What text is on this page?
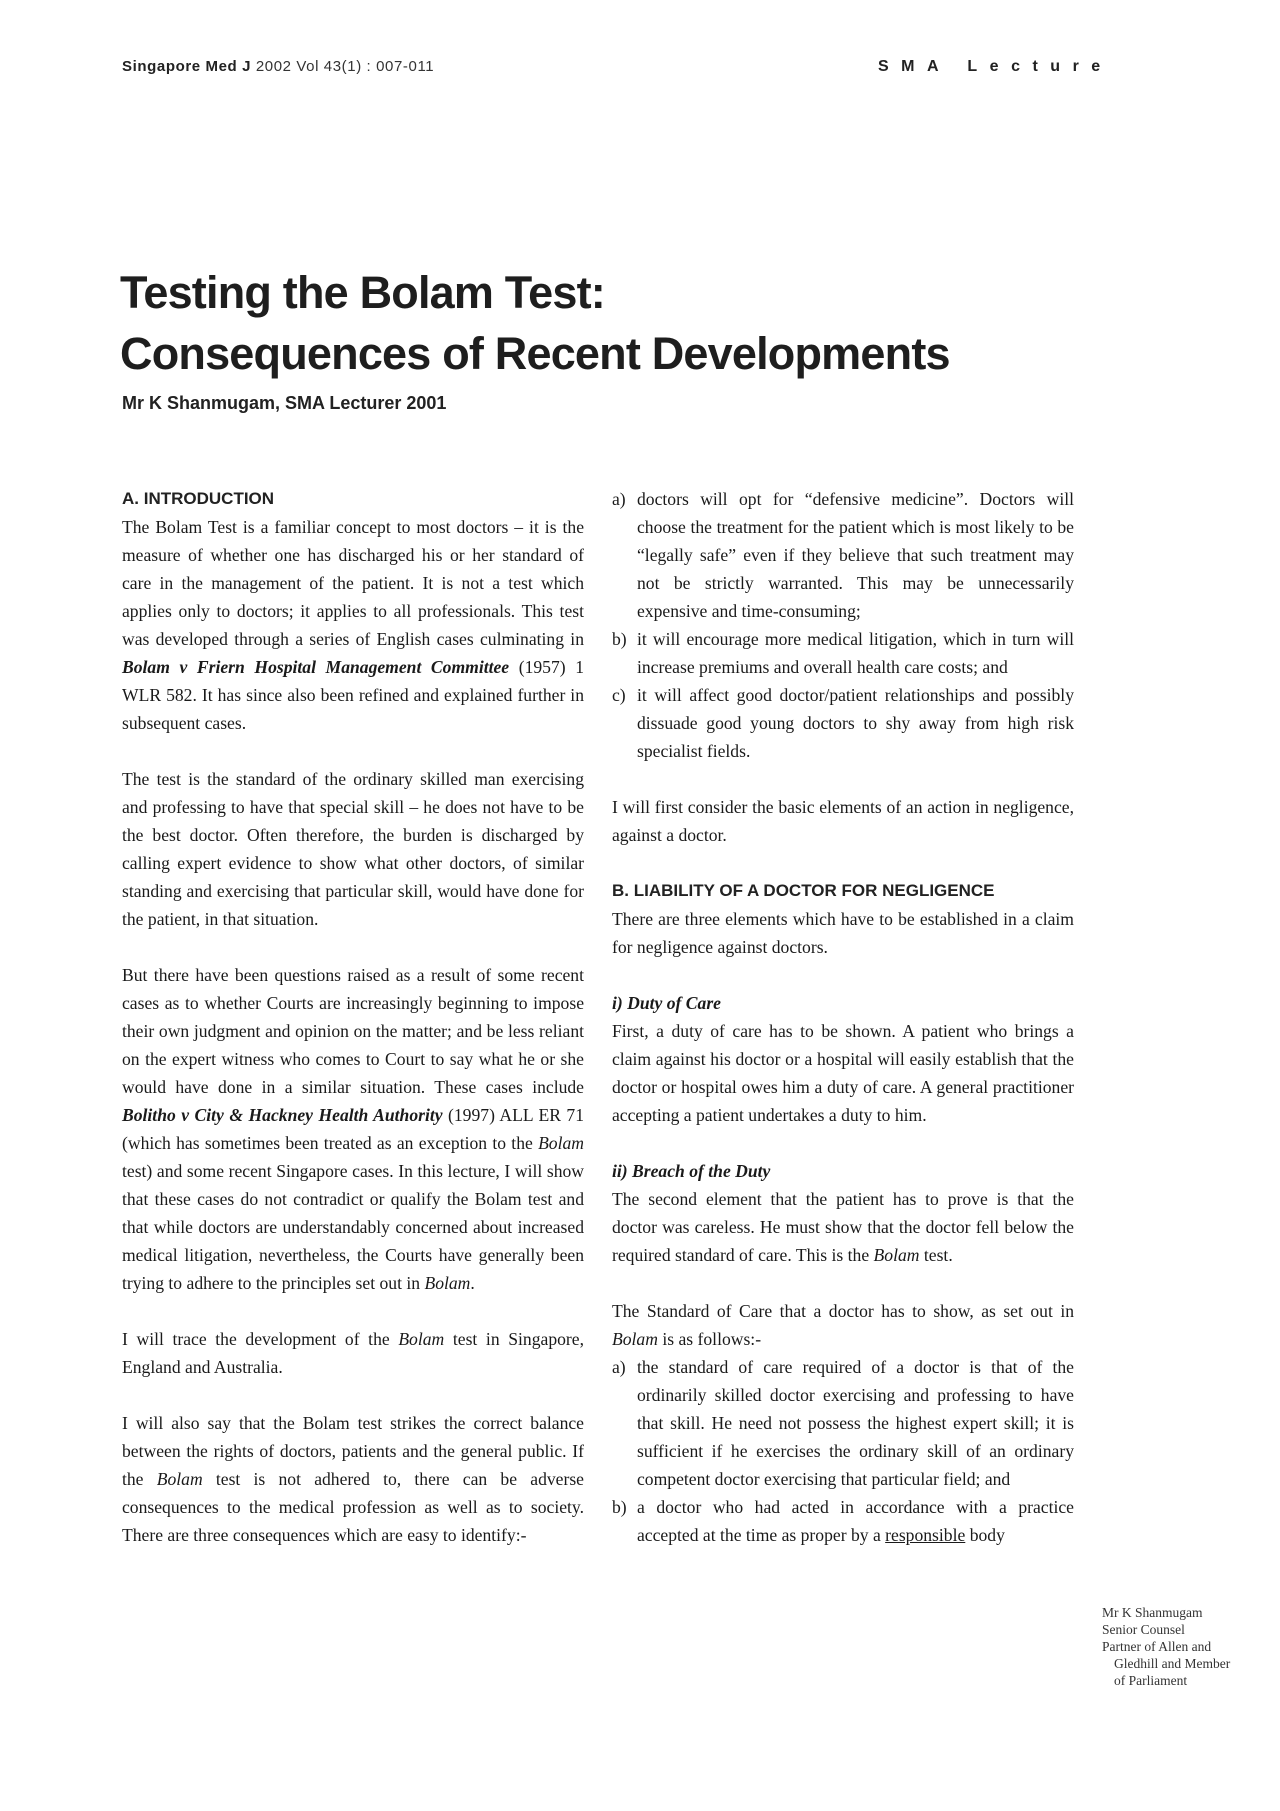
Singapore Med J 2002 Vol 43(1) : 007-011	SMA Lecture
Testing the Bolam Test:
Consequences of Recent Developments
Mr K Shanmugam, SMA Lecturer 2001
A. INTRODUCTION

The Bolam Test is a familiar concept to most doctors – it is the measure of whether one has discharged his or her standard of care in the management of the patient. It is not a test which applies only to doctors; it applies to all professionals. This test was developed through a series of English cases culminating in Bolam v Friern Hospital Management Committee (1957) 1 WLR 582. It has since also been refined and explained further in subsequent cases.

The test is the standard of the ordinary skilled man exercising and professing to have that special skill – he does not have to be the best doctor. Often therefore, the burden is discharged by calling expert evidence to show what other doctors, of similar standing and exercising that particular skill, would have done for the patient, in that situation.

But there have been questions raised as a result of some recent cases as to whether Courts are increasingly beginning to impose their own judgment and opinion on the matter; and be less reliant on the expert witness who comes to Court to say what he or she would have done in a similar situation. These cases include Bolitho v City & Hackney Health Authority (1997) ALL ER 71 (which has sometimes been treated as an exception to the Bolam test) and some recent Singapore cases. In this lecture, I will show that these cases do not contradict or qualify the Bolam test and that while doctors are understandably concerned about increased medical litigation, nevertheless, the Courts have generally been trying to adhere to the principles set out in Bolam.

I will trace the development of the Bolam test in Singapore, England and Australia.

I will also say that the Bolam test strikes the correct balance between the rights of doctors, patients and the general public. If the Bolam test is not adhered to, there can be adverse consequences to the medical profession as well as to society. There are three consequences which are easy to identify:-

a) doctors will opt for “defensive medicine”. Doctors will choose the treatment for the patient which is most likely to be “legally safe” even if they believe that such treatment may not be strictly warranted. This may be unnecessarily expensive and time-consuming;
b) it will encourage more medical litigation, which in turn will increase premiums and overall health care costs; and
c) it will affect good doctor/patient relationships and possibly dissuade good young doctors to shy away from high risk specialist fields.

I will first consider the basic elements of an action in negligence, against a doctor.

B. LIABILITY OF A DOCTOR FOR NEGLIGENCE

There are three elements which have to be established in a claim for negligence against doctors.

i) Duty of Care

First, a duty of care has to be shown. A patient who brings a claim against his doctor or a hospital will easily establish that the doctor or hospital owes him a duty of care. A general practitioner accepting a patient undertakes a duty to him.

ii) Breach of the Duty

The second element that the patient has to prove is that the doctor was careless. He must show that the doctor fell below the required standard of care. This is the Bolam test.

The Standard of Care that a doctor has to show, as set out in Bolam is as follows:-

a) the standard of care required of a doctor is that of the ordinarily skilled doctor exercising and professing to have that skill. He need not possess the highest expert skill; it is sufficient if he exercises the ordinary skill of an ordinary competent doctor exercising that particular field; and
b) a doctor who had acted in accordance with a practice accepted at the time as proper by a responsible body
Mr K Shanmugam
Senior Counsel
Partner of Allen and
Gledhill and Member
of Parliament
